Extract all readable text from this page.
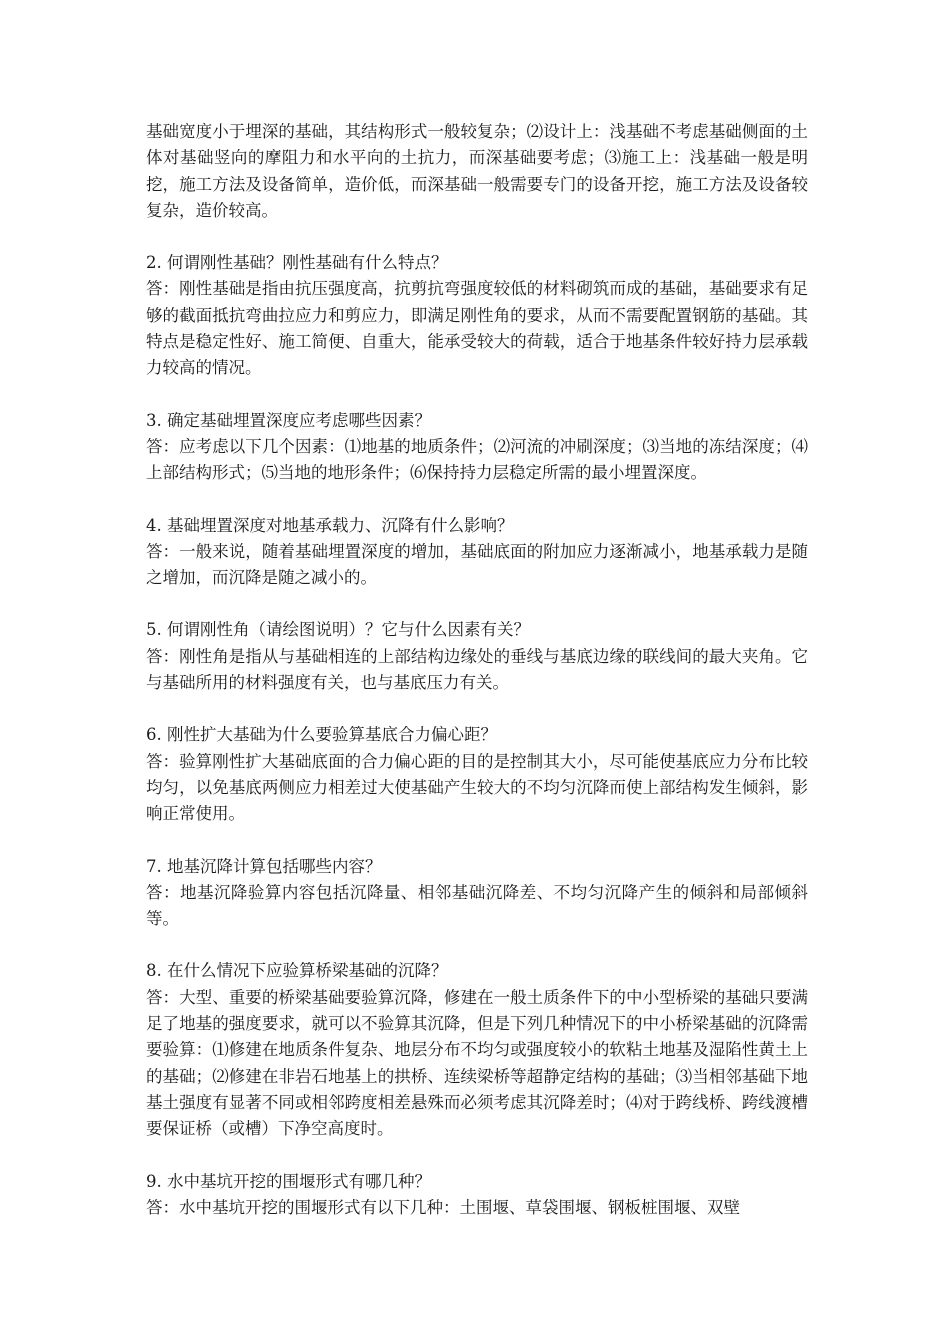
基础宽度小于埋深的基础，其结构形式一般较复杂；⑵设计上：浅基础不考虑基础侧面的土体对基础竖向的摩阻力和水平向的土抗力，而深基础要考虑；⑶施工上：浅基础一般是明挖，施工方法及设备简单，造价低，而深基础一般需要专门的设备开挖，施工方法及设备较复杂，造价较高。

2. 何谓刚性基础？刚性基础有什么特点？

答：刚性基础是指由抗压强度高，抗剪抗弯强度较低的材料砌筑而成的基础，基础要求有足够的截面抵抗弯曲拉应力和剪应力，即满足刚性角的要求，从而不需要配置钢筋的基础。其特点是稳定性好、施工简便、自重大，能承受较大的荷载，适合于地基条件较好持力层承载力较高的情况。

3. 确定基础埋置深度应考虑哪些因素？

答：应考虑以下几个因素：⑴地基的地质条件；⑵河流的冲刷深度；⑶当地的冻结深度；⑷上部结构形式；⑸当地的地形条件；⑹保持持力层稳定所需的最小埋置深度。

4. 基础埋置深度对地基承载力、沉降有什么影响？

答：一般来说，随着基础埋置深度的增加，基础底面的附加应力逐渐减小，地基承载力是随之增加，而沉降是随之减小的。

5. 何谓刚性角（请绘图说明）？它与什么因素有关？

答：刚性角是指从与基础相连的上部结构边缘处的垂线与基底边缘的联线间的最大夹角。它与基础所用的材料强度有关，也与基底压力有关。

6. 刚性扩大基础为什么要验算基底合力偏心距？

答：验算刚性扩大基础底面的合力偏心距的目的是控制其大小，尽可能使基底应力分布比较均匀，以免基底两侧应力相差过大使基础产生较大的不均匀沉降而使上部结构发生倾斜，影响正常使用。

7. 地基沉降计算包括哪些内容？

答：地基沉降验算内容包括沉降量、相邻基础沉降差、不均匀沉降产生的倾斜和局部倾斜等。

8. 在什么情况下应验算桥梁基础的沉降？

答：大型、重要的桥梁基础要验算沉降，修建在一般土质条件下的中小型桥梁的基础只要满足了地基的强度要求，就可以不验算其沉降，但是下列几种情况下的中小桥梁基础的沉降需要验算：⑴修建在地质条件复杂、地层分布不均匀或强度较小的软粘土地基及湿陷性黄土上的基础；⑵修建在非岩石地基上的拱桥、连续梁桥等超静定结构的基础；⑶当相邻基础下地基土强度有显著不同或相邻跨度相差悬殊而必须考虑其沉降差时；⑷对于跨线桥、跨线渡槽要保证桥（或槽）下净空高度时。

9. 水中基坑开挖的围堰形式有哪几种？

答：水中基坑开挖的围堰形式有以下几种：土围堰、草袋围堰、钢板桩围堰、双壁
